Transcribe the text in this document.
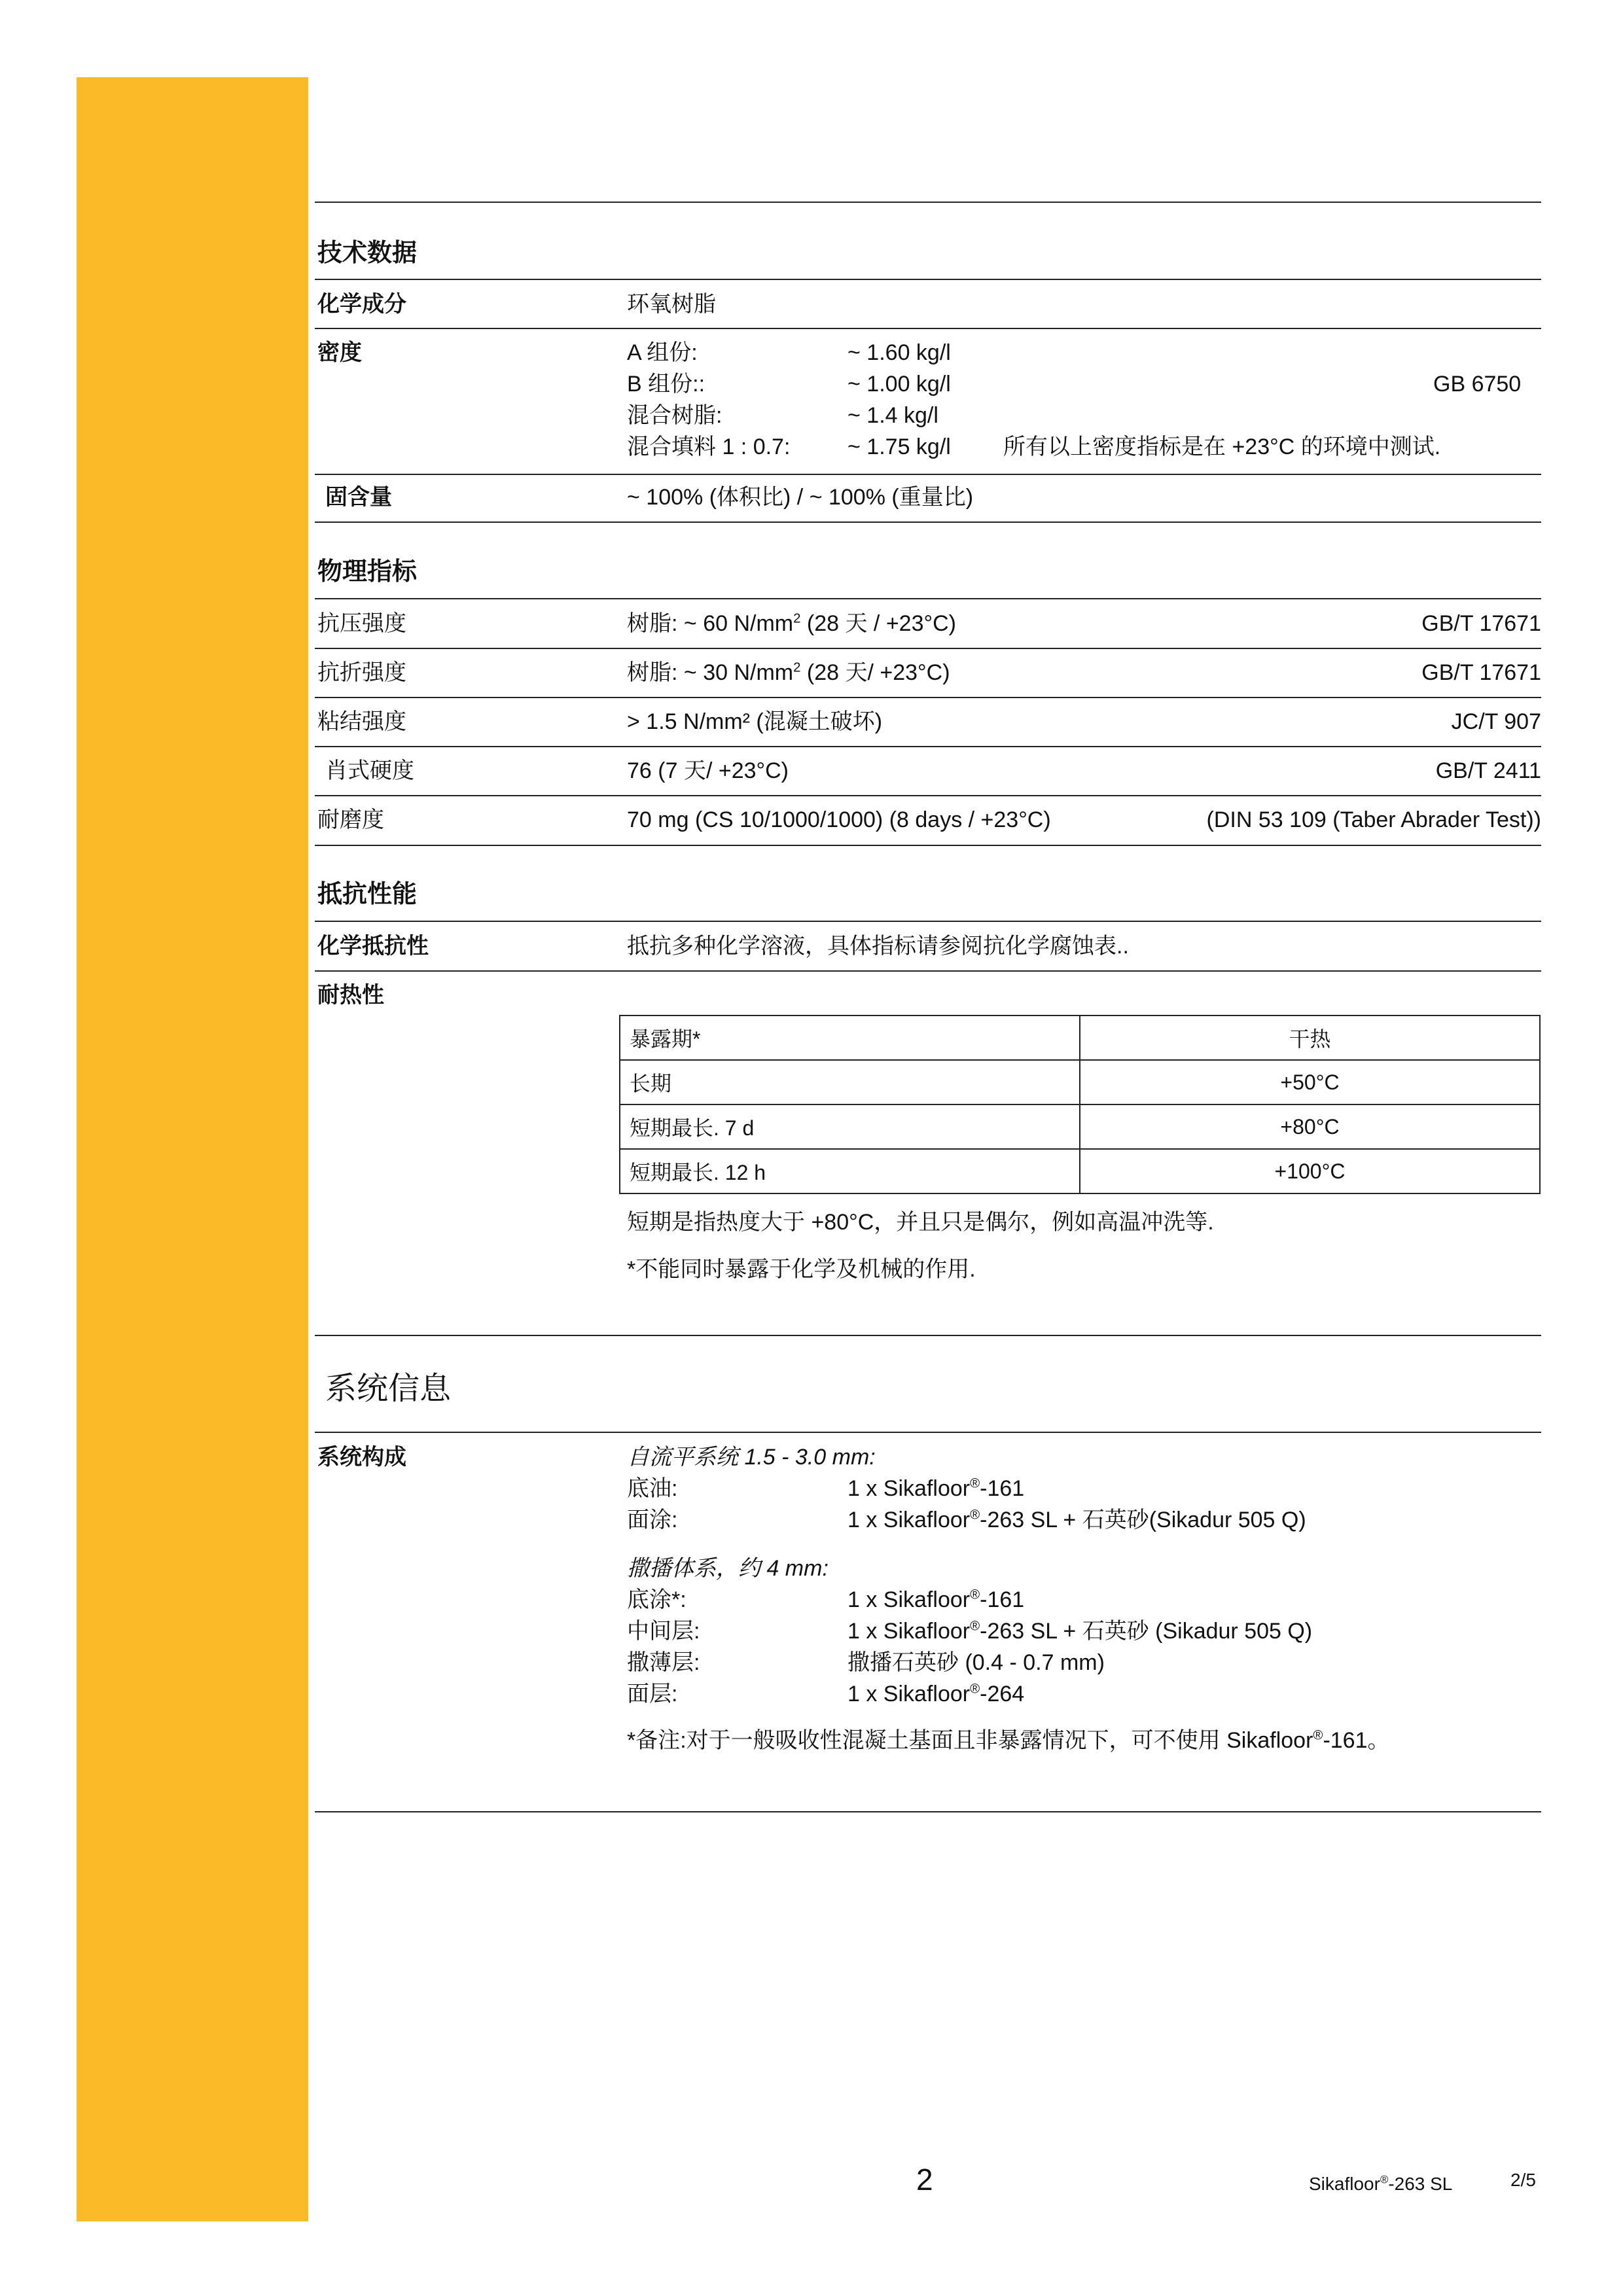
技术数据
化学成分	环氧树脂
密度	A 组份:	~ 1.60 kg/l
B 组份::	~ 1.00 kg/l	GB 6750
混合树脂:	~ 1.4 kg/l
混合填料 1 : 0.7:	~ 1.75 kg/l 所有以上密度指标是在 +23°C 的环境中测试.
固含量	~ 100% (体积比) / ~ 100% (重量比)
物理指标
抗压强度	树脂: ~ 60 $N/mm^2$ (28 天 / +23°C)	GB/T 17671
抗折强度	树脂: ~ 30 $N/mm^2$ (28 天/ +23°C)	GB/T 17671
粘结强度	> 1.5 N/mm² (混凝土破坏)	JC/T 907
肖式硬度	76 (7 天/ +23°C)	GB/T 2411
耐磨度	70 mg (CS 10/1000/1000) (8 days / +23°C)	(DIN 53 109 (Taber Abrader Test))
抵抗性能
化学抵抗性	抵抗多种化学溶液，具体指标请参阅抗化学腐蚀表..
耐热性
暴露期*	干热
长期	+50°C
短期最长. 7 d	+80°C
短期最长. 12 h	+100°C
短期是指热度大于 +80°C，并且只是偶尔，例如高温冲洗等.
*不能同时暴露于化学及机械的作用.
系统信息
系统构成	自流平系统 1.5 - 3.0 mm:
底油:	1 x Sikafloor®-161
面涂:	1 x Sikafloor®-263 SL + 石英砂(Sikadur 505 Q)
撒播体系，约 4 mm:
底涂*:	1 x Sikafloor®-161
中间层:	1 x Sikafloor®-263 SL + 石英砂 (Sikadur 505 Q)
撒薄层:	撒播石英砂 (0.4 - 0.7 mm)
面层:	1 x Sikafloor®-264
*备注:对于一般吸收性混凝土基面且非暴露情况下，可不使用 Sikafloor®-161。
2	Sikafloor®-263 SL	2/5
